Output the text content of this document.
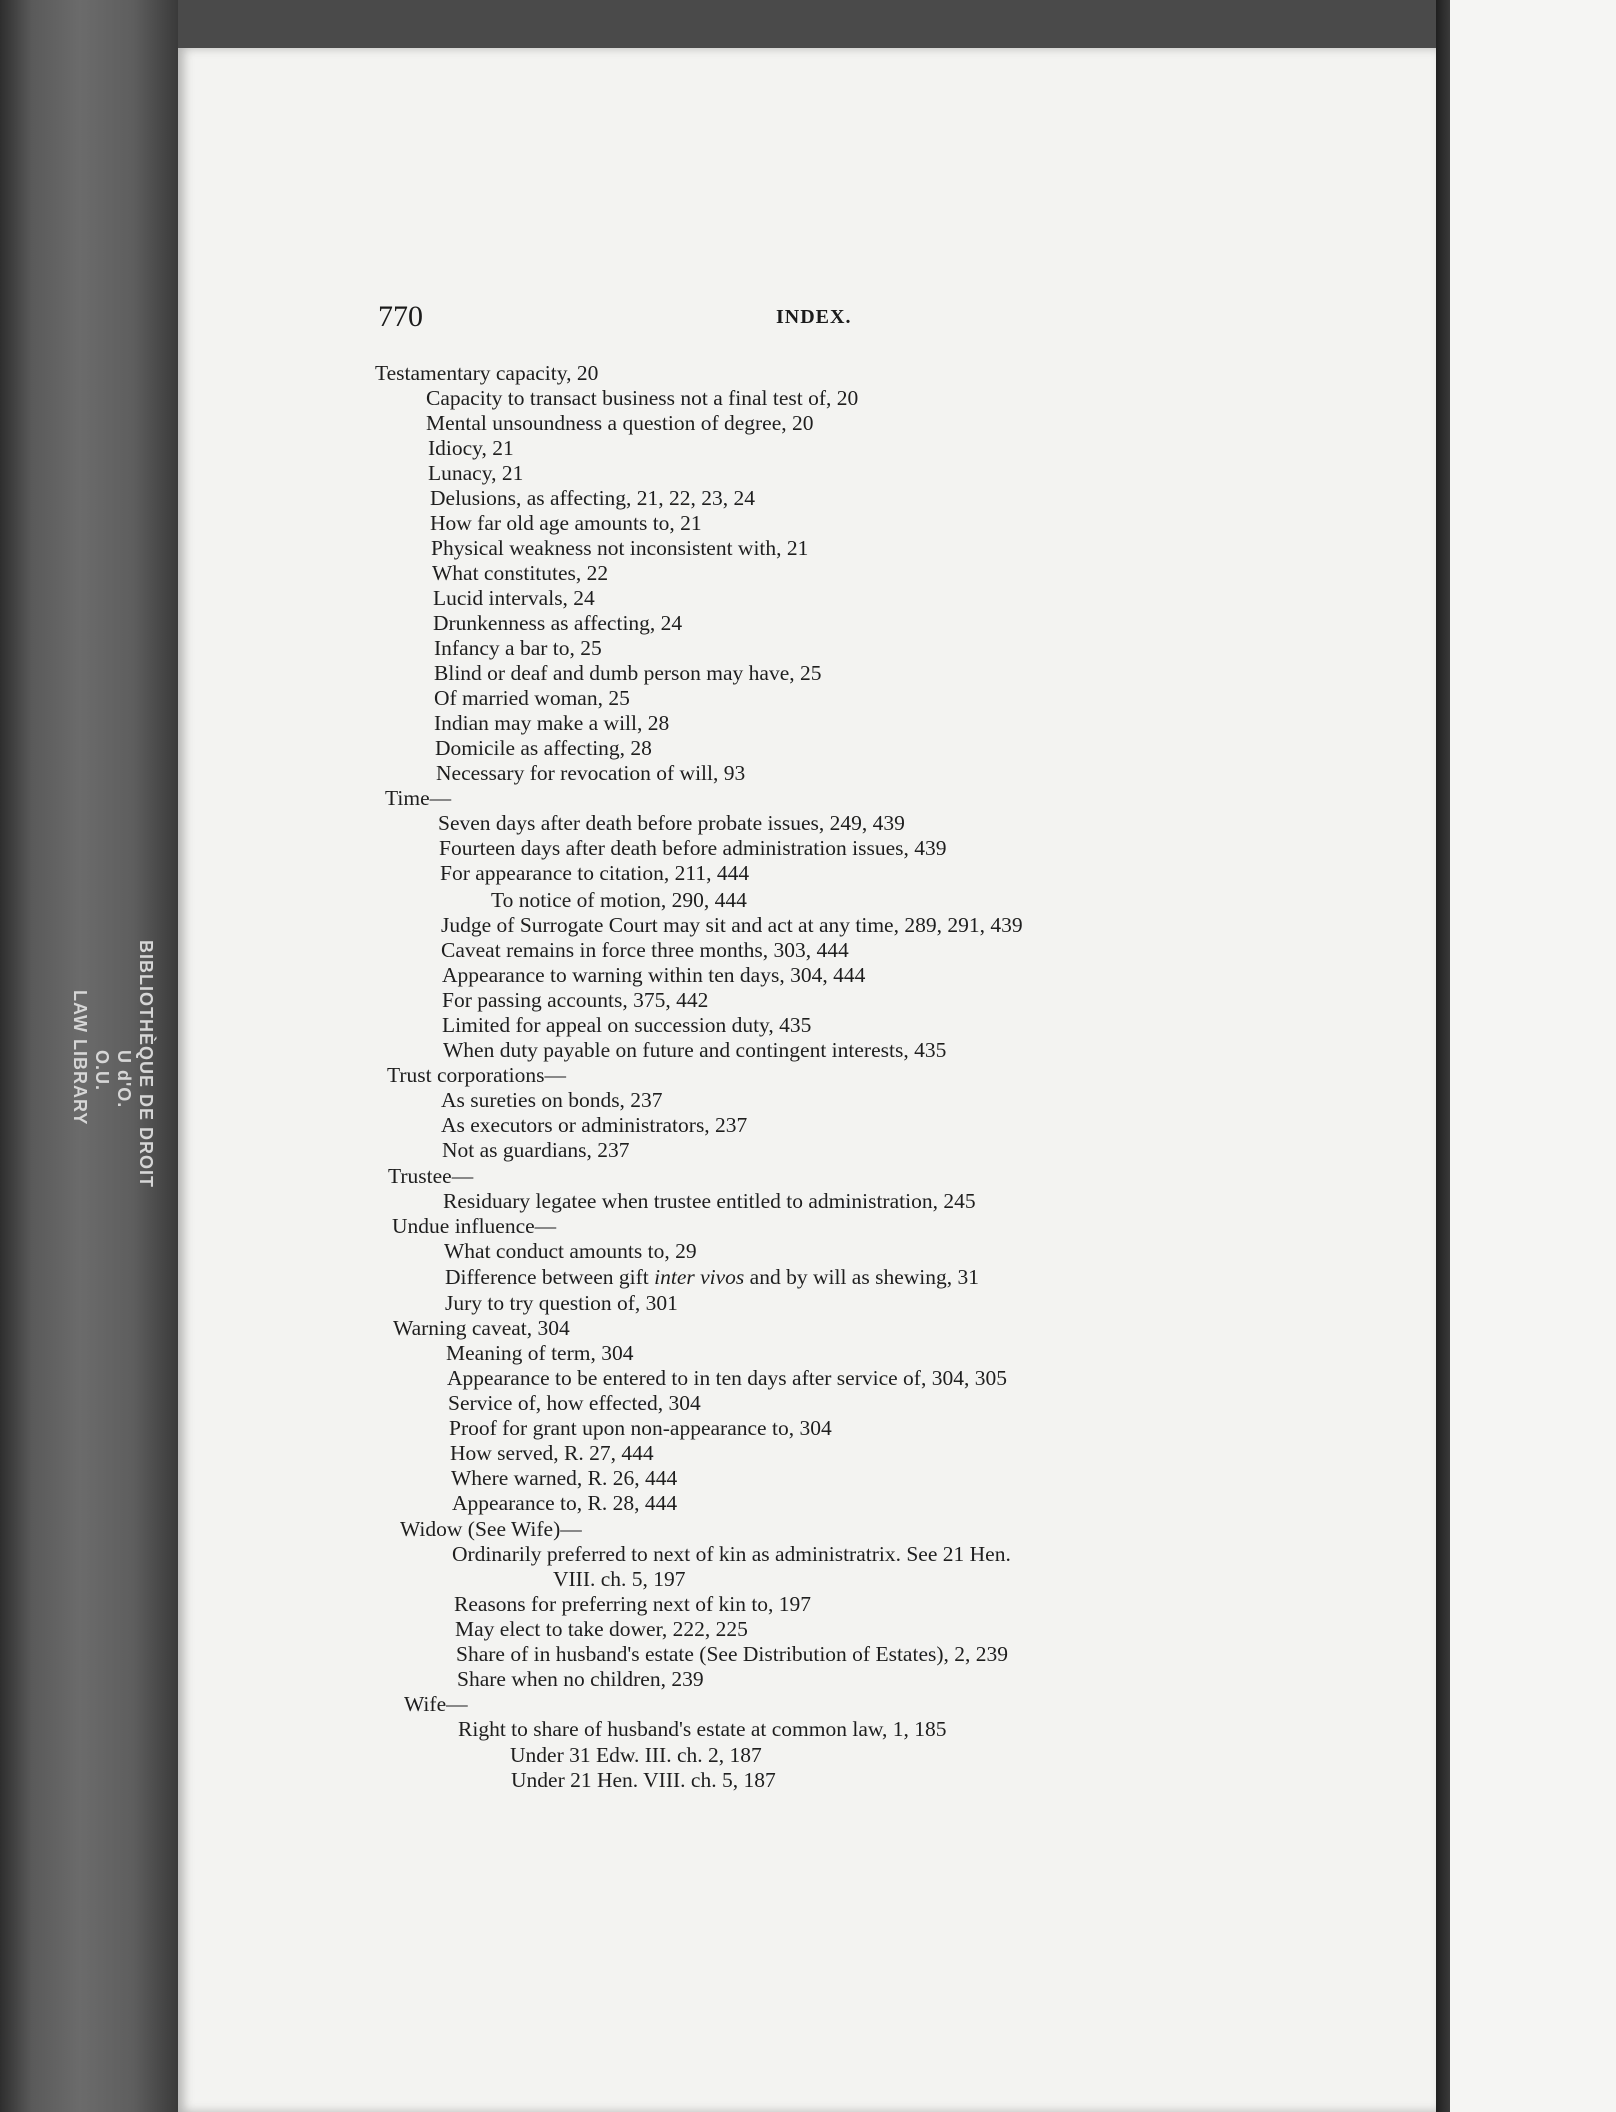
BIBLIOTHÈQUE DE DROIT
U d'O.
O.U.
LAW LIBRARY
770	INDEX.
Testamentary capacity, 20
Capacity to transact business not a final test of, 20
Mental unsoundness a question of degree, 20
Idiocy, 21
Lunacy, 21
Delusions, as affecting, 21, 22, 23, 24
How far old age amounts to, 21
Physical weakness not inconsistent with, 21
What constitutes, 22
Lucid intervals, 24
Drunkenness as affecting, 24
Infancy a bar to, 25
Blind or deaf and dumb person may have, 25
Of married woman, 25
Indian may make a will, 28
Domicile as affecting, 28
Necessary for revocation of will, 93
Time—
Seven days after death before probate issues, 249, 439
Fourteen days after death before administration issues, 439
For appearance to citation, 211, 444
To notice of motion, 290, 444
Judge of Surrogate Court may sit and act at any time, 289, 291, 439
Caveat remains in force three months, 303, 444
Appearance to warning within ten days, 304, 444
For passing accounts, 375, 442
Limited for appeal on succession duty, 435
When duty payable on future and contingent interests, 435
Trust corporations—
As sureties on bonds, 237
As executors or administrators, 237
Not as guardians, 237
Trustee—
Residuary legatee when trustee entitled to administration, 245
Undue influence—
What conduct amounts to, 29
Difference between gift inter vivos and by will as shewing, 31
Jury to try question of, 301
Warning caveat, 304
Meaning of term, 304
Appearance to be entered to in ten days after service of, 304, 305
Service of, how effected, 304
Proof for grant upon non-appearance to, 304
How served, R. 27, 444
Where warned, R. 26, 444
Appearance to, R. 28, 444
Widow (See Wife)—
Ordinarily preferred to next of kin as administratrix. See 21 Hen.
VIII. ch. 5, 197
Reasons for preferring next of kin to, 197
May elect to take dower, 222, 225
Share of in husband's estate (See Distribution of Estates), 2, 239
Share when no children, 239
Wife—
Right to share of husband's estate at common law, 1, 185
Under 31 Edw. III. ch. 2, 187
Under 21 Hen. VIII. ch. 5, 187
